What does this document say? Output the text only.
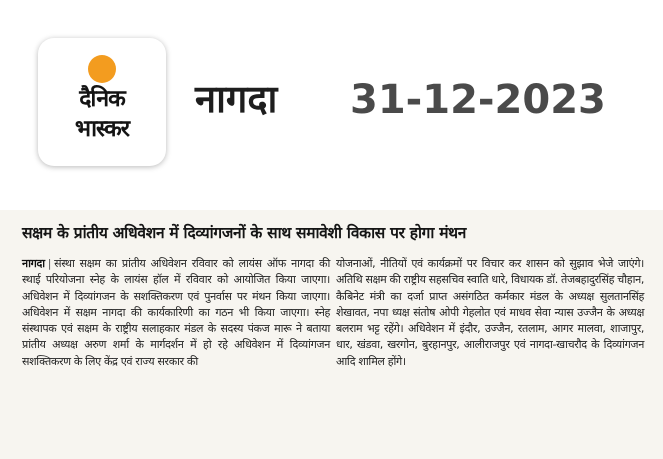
दैनिक
भास्कर
नागदा 31-12-2023
सक्षम के प्रांतीय अधिवेशन में दिव्यांगजनों के साथ समावेशी विकास पर होगा मंथन
नागदा | संस्था सक्षम का प्रांतीय अधिवेशन रविवार को लायंस ऑफ नागदा की स्थाई परियोजना स्नेह के लायंस हॉल में रविवार को आयोजित किया जाएगा। अधिवेशन में दिव्यांगजन के सशक्तिकरण एवं पुनर्वास पर मंथन किया जाएगा। अधिवेशन में सक्षम नागदा की कार्यकारिणी का गठन भी किया जाएगा। स्नेह संस्थापक एवं सक्षम के राष्ट्रीय सलाहकार मंडल के सदस्य पंकज मारू ने बताया प्रांतीय अध्यक्ष अरुण शर्मा के मार्गदर्शन में हो रहे अधिवेशन में दिव्यांगजन सशक्तिकरण के लिए केंद्र एवं राज्य सरकार की
योजनाओं, नीतियों एवं कार्यक्रमों पर विचार कर शासन को सुझाव भेजे जाएंगे। अतिथि सक्षम की राष्ट्रीय सहसचिव स्वाति धारे, विधायक डॉ. तेजबहादुरसिंह चौहान, कैबिनेट मंत्री का दर्जा प्राप्त असंगठित कर्मकार मंडल के अध्यक्ष सुलतानसिंह शेखावत, नपा ध्यक्ष संतोष ओपी गेहलोत एवं माधव सेवा न्यास उज्जैन के अध्यक्ष बलराम भट्ट रहेंगे। अधिवेशन में इंदौर, उज्जैन, रतलाम, आगर मालवा, शाजापुर, धार, खंडवा, खरगोन, बुरहानपुर, आलीराजपुर एवं नागदा-खाचरौद के दिव्यांगजन आदि शामिल होंगे।
